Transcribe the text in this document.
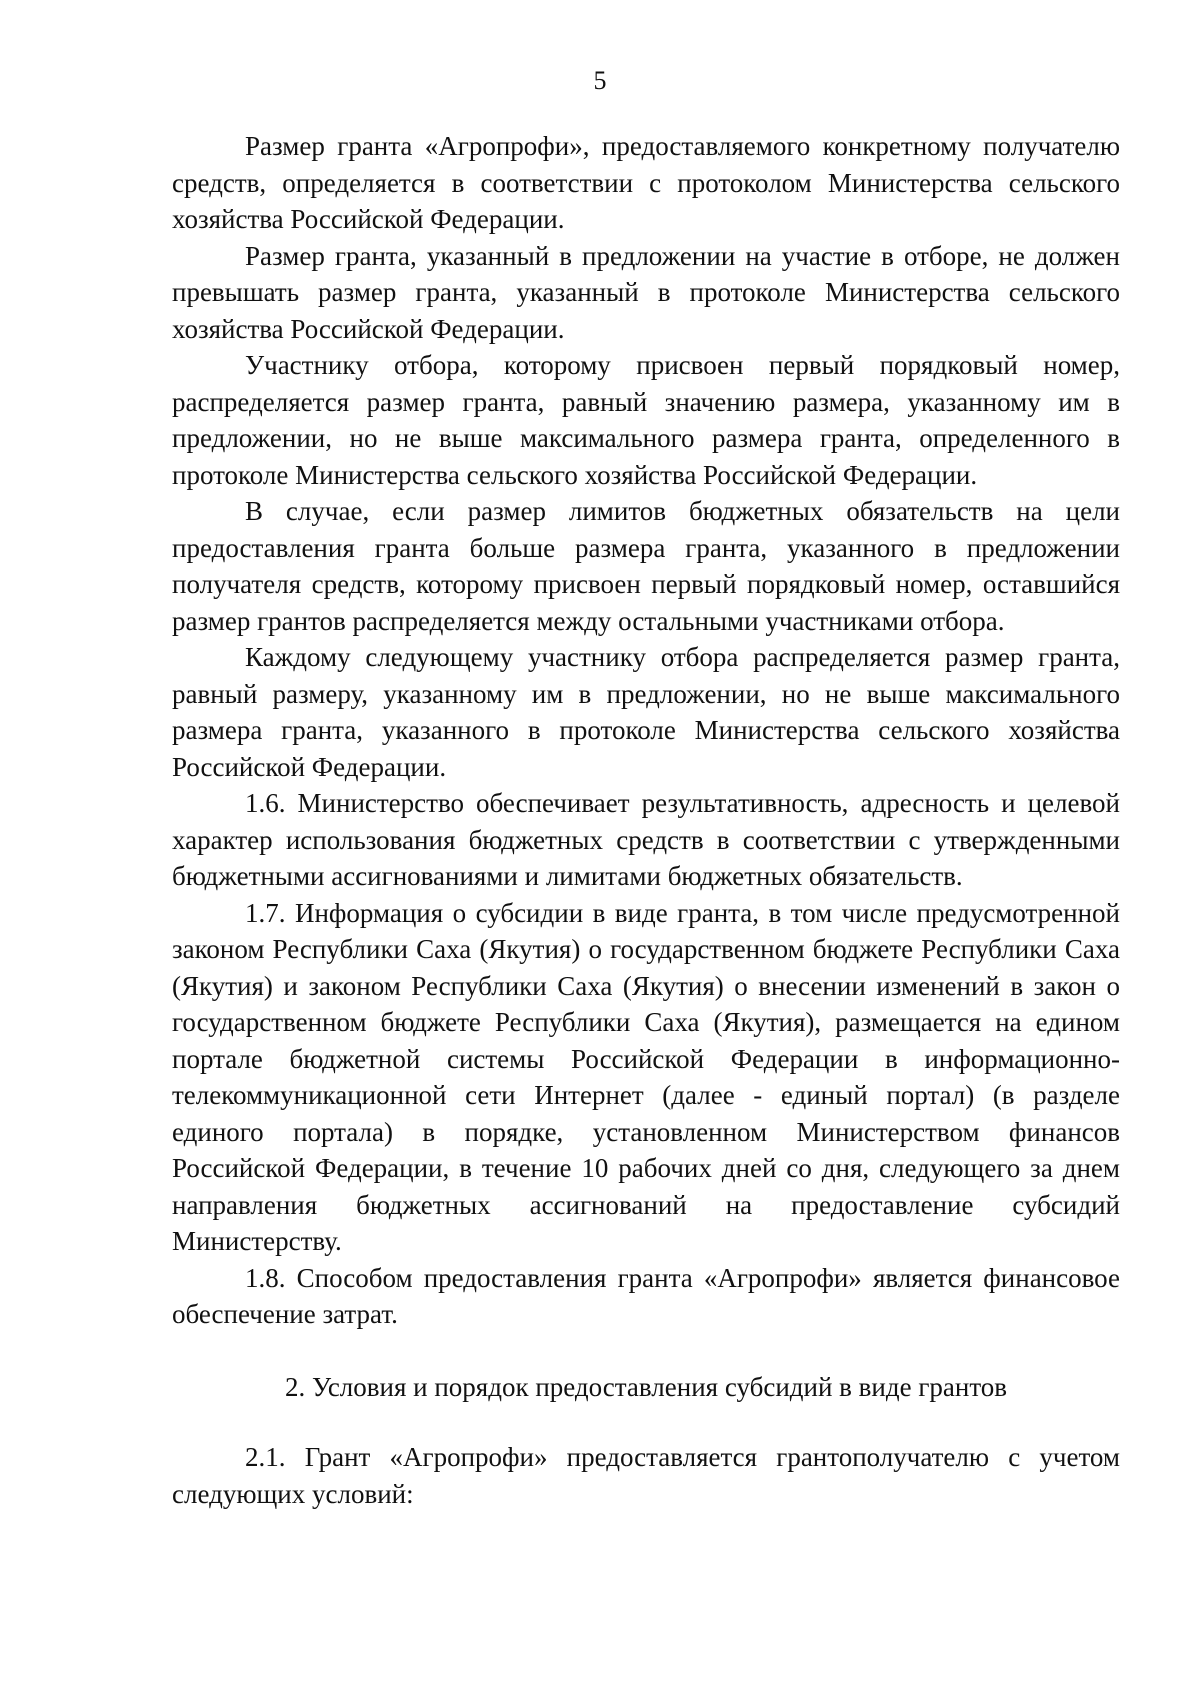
5

Размер гранта «Агропрофи», предоставляемого конкретному получателю средств, определяется в соответствии с протоколом Министерства сельского хозяйства Российской Федерации.

Размер гранта, указанный в предложении на участие в отборе, не должен превышать размер гранта, указанный в протоколе Министерства сельского хозяйства Российской Федерации.

Участнику отбора, которому присвоен первый порядковый номер, распределяется размер гранта, равный значению размера, указанному им в предложении, но не выше максимального размера гранта, определенного в протоколе Министерства сельского хозяйства Российской Федерации.

В случае, если размер лимитов бюджетных обязательств на цели предоставления гранта больше размера гранта, указанного в предложении получателя средств, которому присвоен первый порядковый номер, оставшийся размер грантов распределяется между остальными участниками отбора.

Каждому следующему участнику отбора распределяется размер гранта, равный размеру, указанному им в предложении, но не выше максимального размера гранта, указанного в протоколе Министерства сельского хозяйства Российской Федерации.

1.6. Министерство обеспечивает результативность, адресность и целевой характер использования бюджетных средств в соответствии с утвержденными бюджетными ассигнованиями и лимитами бюджетных обязательств.

1.7. Информация о субсидии в виде гранта, в том числе предусмотренной законом Республики Саха (Якутия) о государственном бюджете Республики Саха (Якутия) и законом Республики Саха (Якутия) о внесении изменений в закон о государственном бюджете Республики Саха (Якутия), размещается на едином портале бюджетной системы Российской Федерации в информационно-телекоммуникационной сети Интернет (далее - единый портал) (в разделе единого портала) в порядке, установленном Министерством финансов Российской Федерации, в течение 10 рабочих дней со дня, следующего за днем направления бюджетных ассигнований на предоставление субсидий Министерству.

1.8. Способом предоставления гранта «Агропрофи» является финансовое обеспечение затрат.

2. Условия и порядок предоставления субсидий в виде грантов

2.1. Грант «Агропрофи» предоставляется грантополучателю с учетом следующих условий:
